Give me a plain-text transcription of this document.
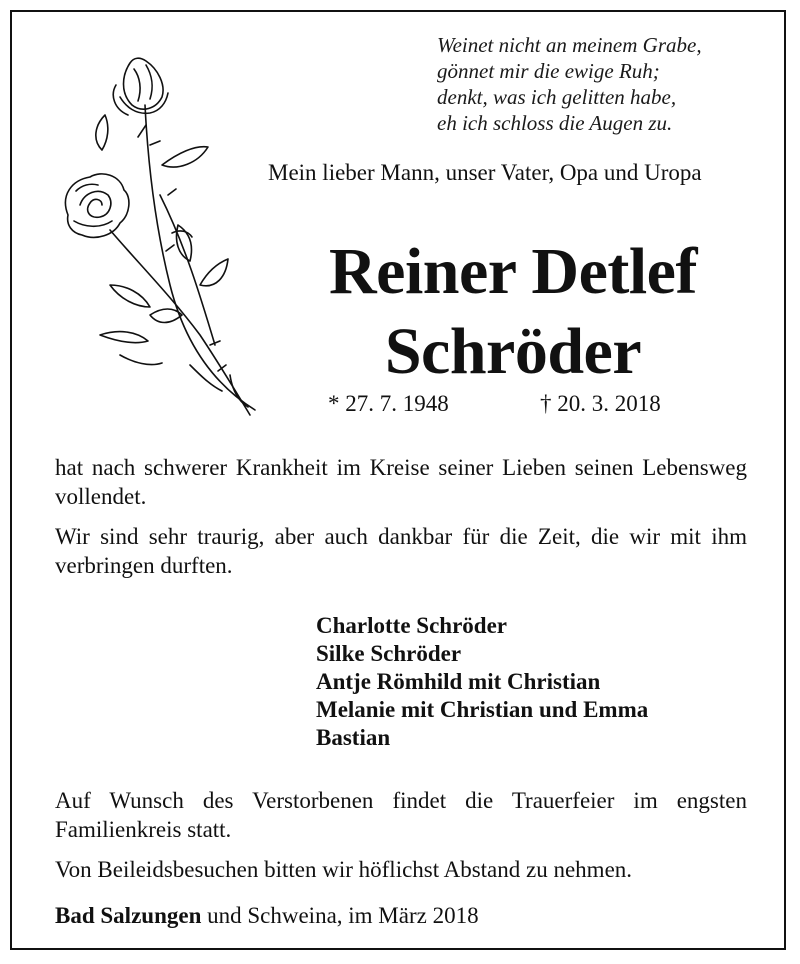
Weinet nicht an meinem Grabe,
gönnet mir die ewige Ruh;
denkt, was ich gelitten habe,
eh ich schloss die Augen zu.
Mein lieber Mann, unser Vater, Opa und Uropa
Reiner Detlef
Schröder
* 27. 7. 1948	† 20. 3. 2018
hat nach schwerer Krankheit im Kreise seiner Lieben seinen Lebensweg vollendet.
Wir sind sehr traurig, aber auch dankbar für die Zeit, die wir mit ihm verbringen durften.
Charlotte Schröder
Silke Schröder
Antje Römhild mit Christian
Melanie mit Christian und Emma
Bastian
Auf Wunsch des Verstorbenen findet die Trauerfeier im engsten Familienkreis statt.
Von Beileidsbesuchen bitten wir höflichst Abstand zu nehmen.
Bad Salzungen und Schweina, im März 2018
